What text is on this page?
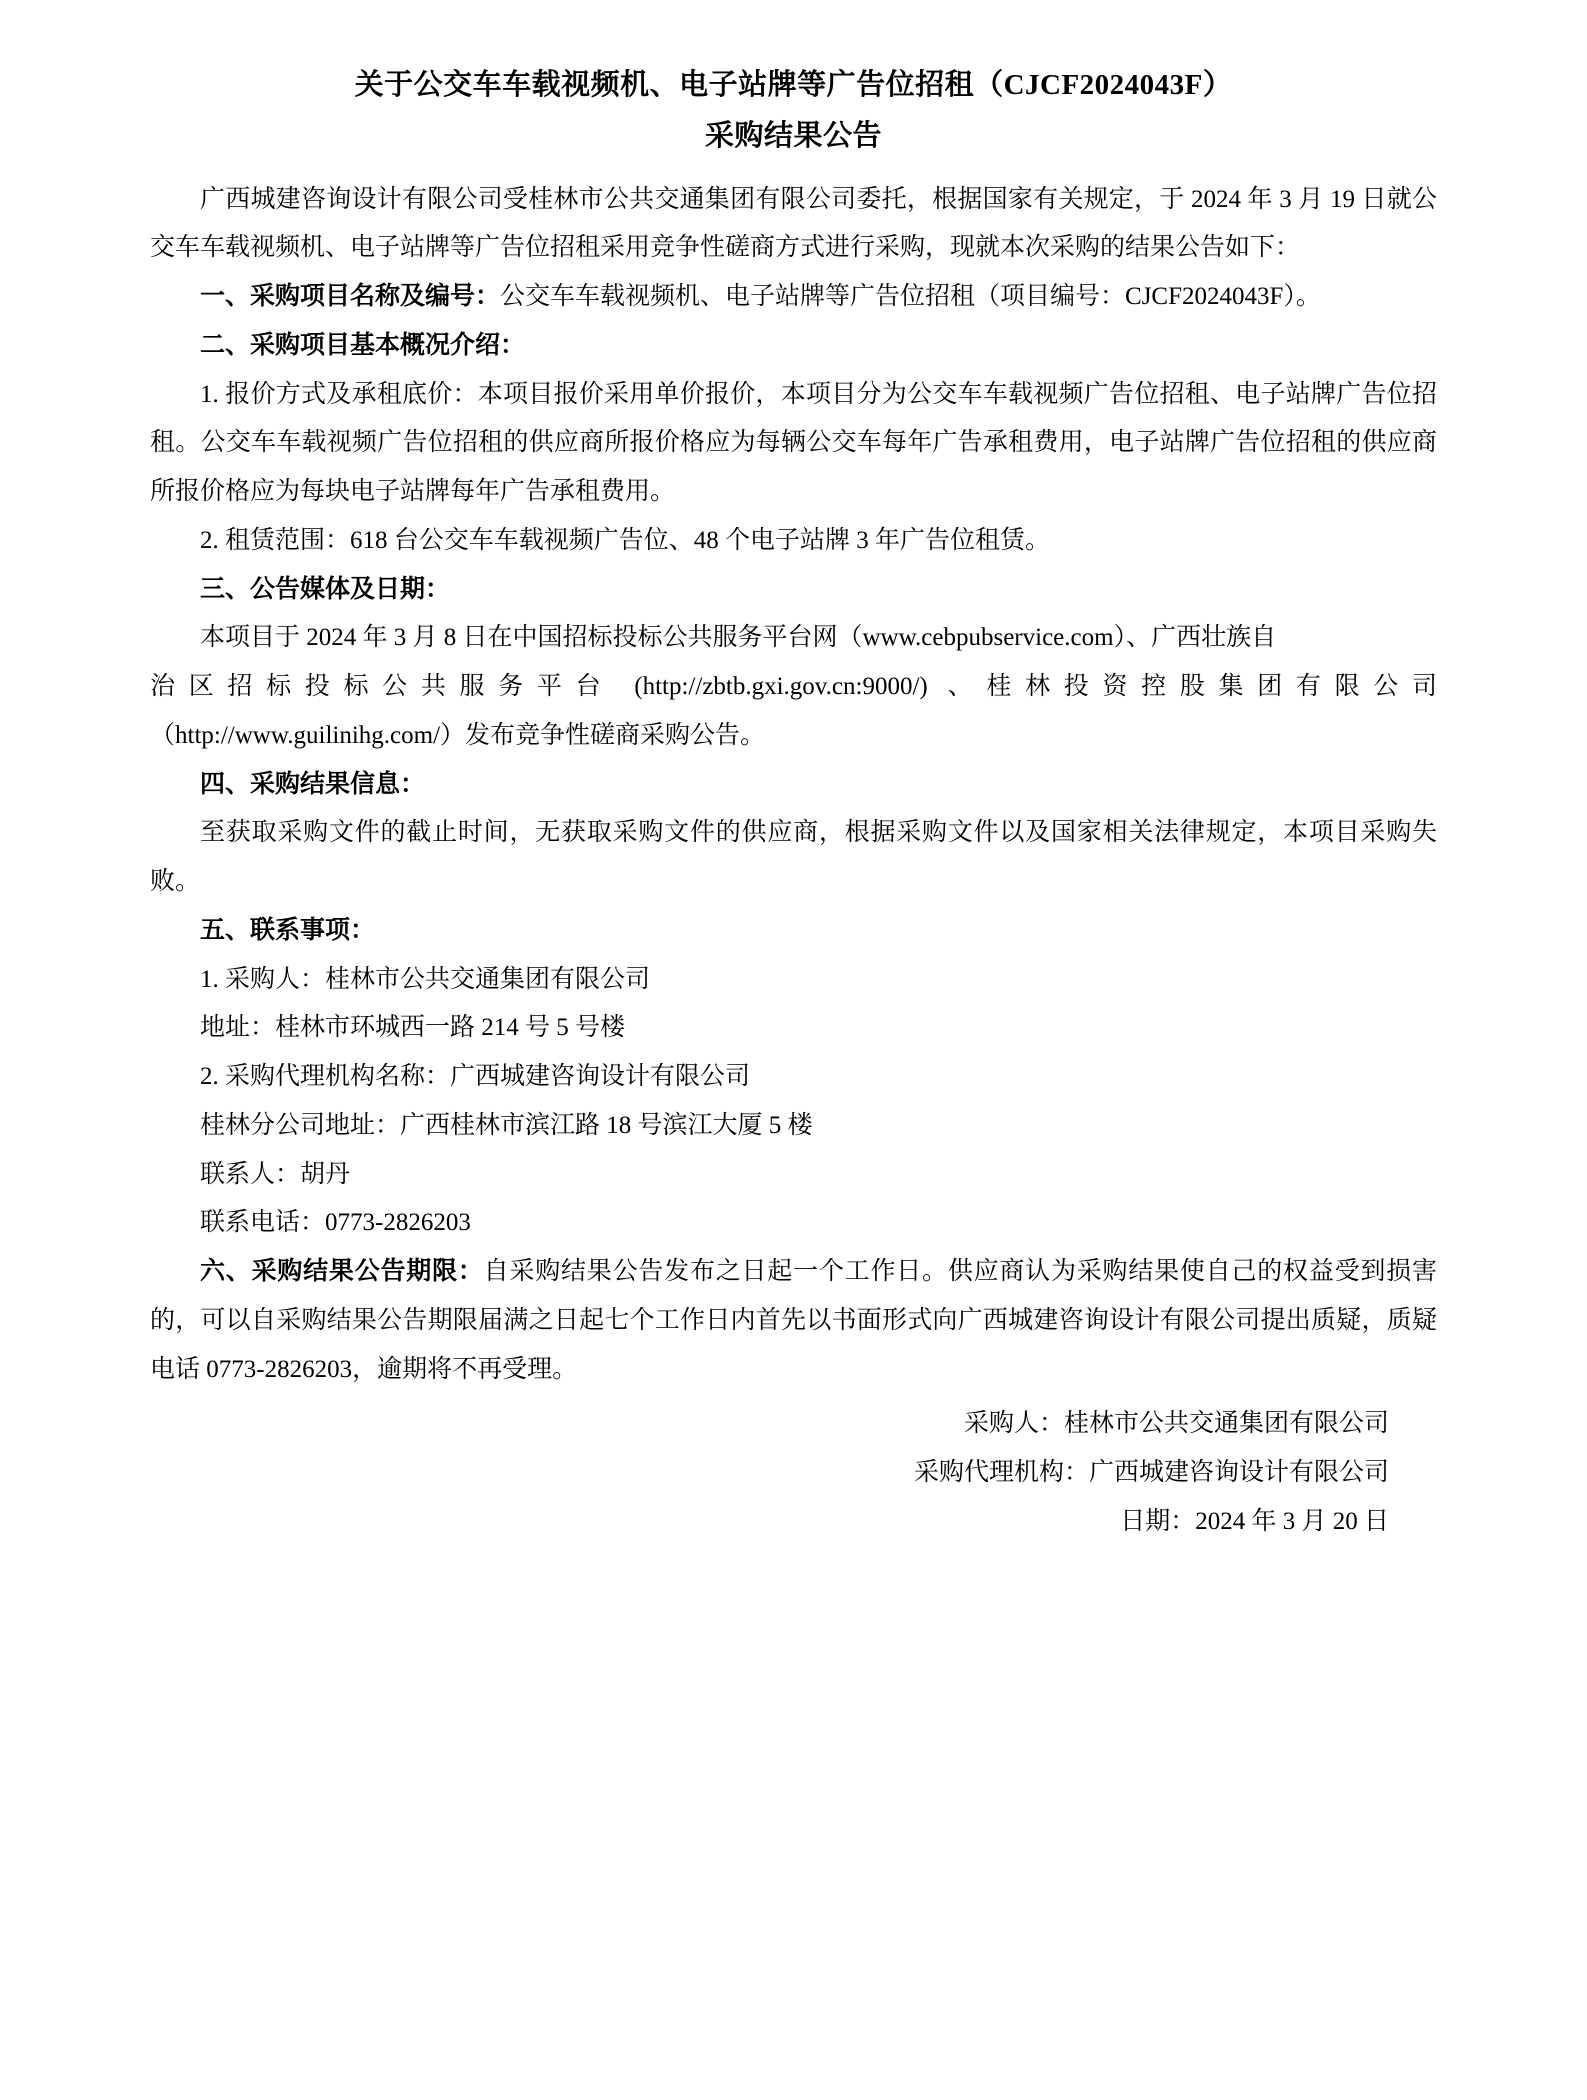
关于公交车车载视频机、电子站牌等广告位招租（CJCF2024043F）
采购结果公告

广西城建咨询设计有限公司受桂林市公共交通集团有限公司委托，根据国家有关规定，于 2024 年 3 月 19 日就公交车车载视频机、电子站牌等广告位招租采用竞争性磋商方式进行采购，现就本次采购的结果公告如下：

一、采购项目名称及编号：公交车车载视频机、电子站牌等广告位招租（项目编号：CJCF2024043F）。

二、采购项目基本概况介绍：

1. 报价方式及承租底价：本项目报价采用单价报价，本项目分为公交车车载视频广告位招租、电子站牌广告位招租。公交车车载视频广告位招租的供应商所报价格应为每辆公交车每年广告承租费用，电子站牌广告位招租的供应商所报价格应为每块电子站牌每年广告承租费用。

2. 租赁范围：618 台公交车车载视频广告位、48 个电子站牌 3 年广告位租赁。

三、公告媒体及日期：

本项目于 2024 年 3 月 8 日在中国招标投标公共服务平台网（www.cebpubservice.com）、广西壮族自

治区招标投标公共服务平台 (http://zbtb.gxi.gov.cn:9000/) 、桂林投资控股集团有限公司

（http://www.guilinihg.com/）发布竞争性磋商采购公告。

四、采购结果信息：

至获取采购文件的截止时间，无获取采购文件的供应商，根据采购文件以及国家相关法律规定，本项目采购失败。

五、联系事项：

1. 采购人：桂林市公共交通集团有限公司

地址：桂林市环城西一路 214 号 5 号楼

2. 采购代理机构名称：广西城建咨询设计有限公司

桂林分公司地址：广西桂林市滨江路 18 号滨江大厦 5 楼

联系人：胡丹

联系电话：0773-2826203

六、采购结果公告期限：自采购结果公告发布之日起一个工作日。供应商认为采购结果使自己的权益受到损害的，可以自采购结果公告期限届满之日起七个工作日内首先以书面形式向广西城建咨询设计有限公司提出质疑，质疑电话 0773-2826203，逾期将不再受理。

采购人：桂林市公共交通集团有限公司
采购代理机构：广西城建咨询设计有限公司
日期：2024 年 3 月 20 日
